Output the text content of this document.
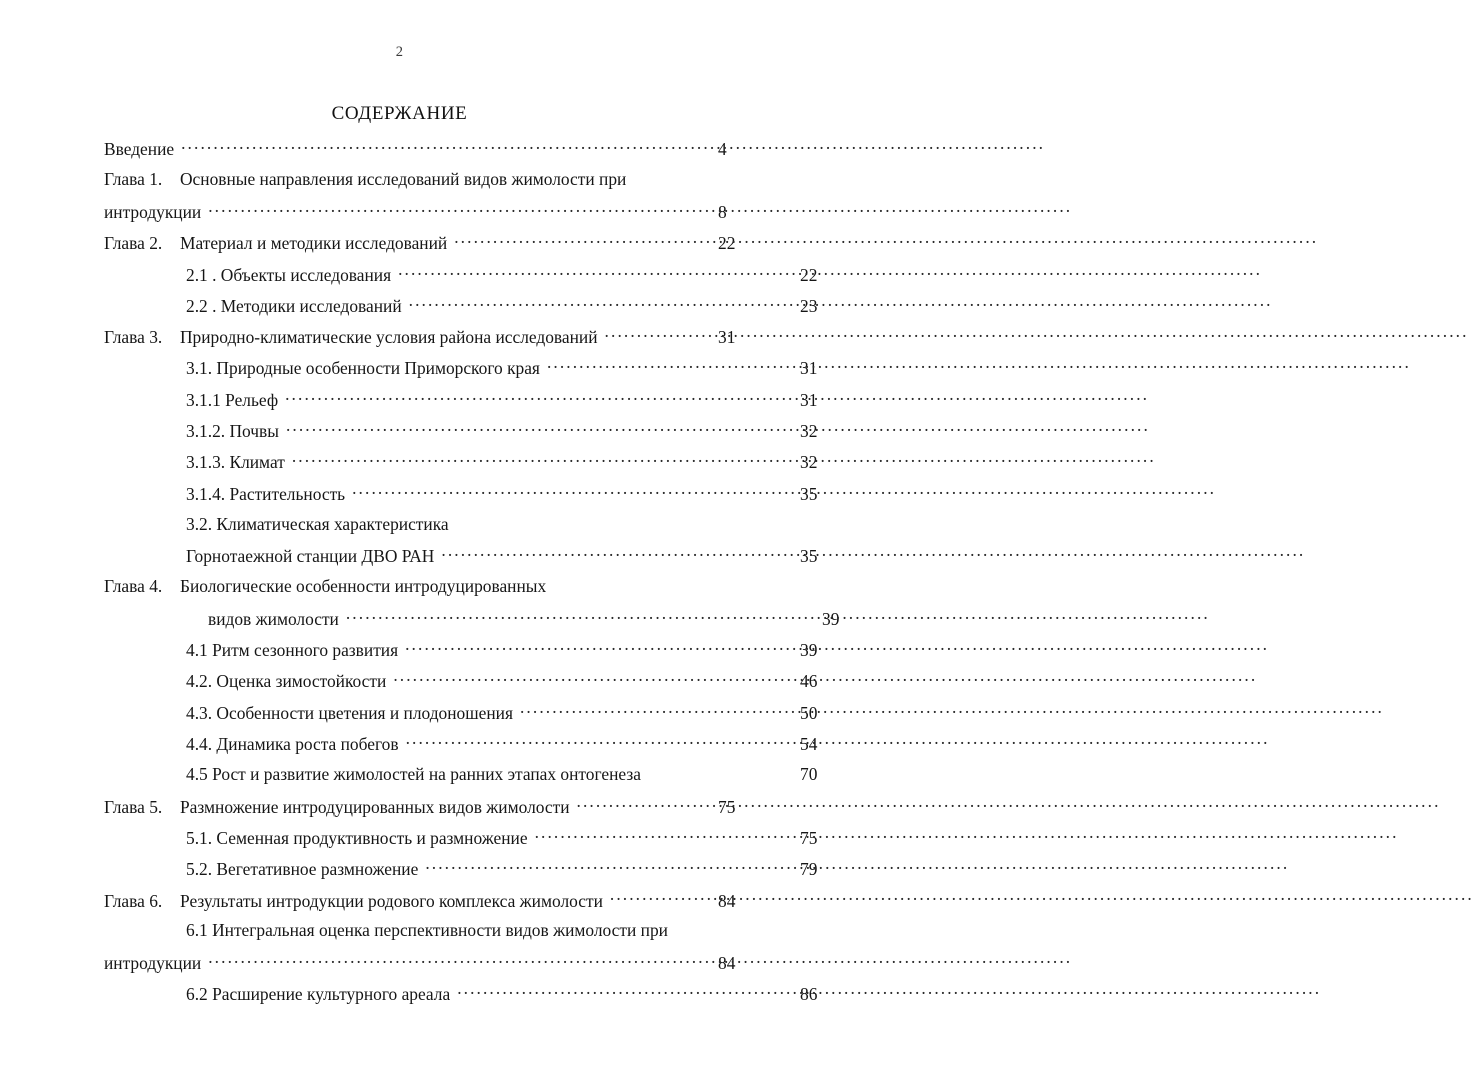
2
СОДЕРЖАНИЕ
Введение .....	4
Глава 1.	Основные направления исследований видов жимолости при
интродукции .....	8
Глава 2.	Материал и методики исследований .....	22
2.1 . Объекты исследования .....	22
2.2 . Методики исследований .....	23
Глава 3.	Природно-климатические условия района исследований .....	31
3.1. Природные особенности Приморского края .....	31
3.1.1 Рельеф .....	31
3.1.2. Почвы .....	32
3.1.3. Климат .....	32
3.1.4. Растительность .....	35
3.2. Климатическая характеристика
Горнотаежной станции ДВО РАН .....	35
Глава 4.	Биологические особенности интродуцированных
видов жимолости .....	39
4.1 Ритм сезонного развития .....	39
4.2. Оценка зимостойкости .....	46
4.3. Особенности цветения и плодоношения .....	50
4.4. Динамика роста побегов .....	54
4.5 Рост и развитие жимолостей на ранних этапах онтогенеза	70
Глава 5.	Размножение интродуцированных видов жимолости .....	75
5.1. Семенная продуктивность и размножение .....	75
5.2. Вегетативное размножение .....	79
Глава 6.	Результаты интродукции родового комплекса жимолости .....	84
6.1 Интегральная оценка перспективности видов жимолости при
интродукции .....	84
6.2 Расширение культурного ареала .....	86
